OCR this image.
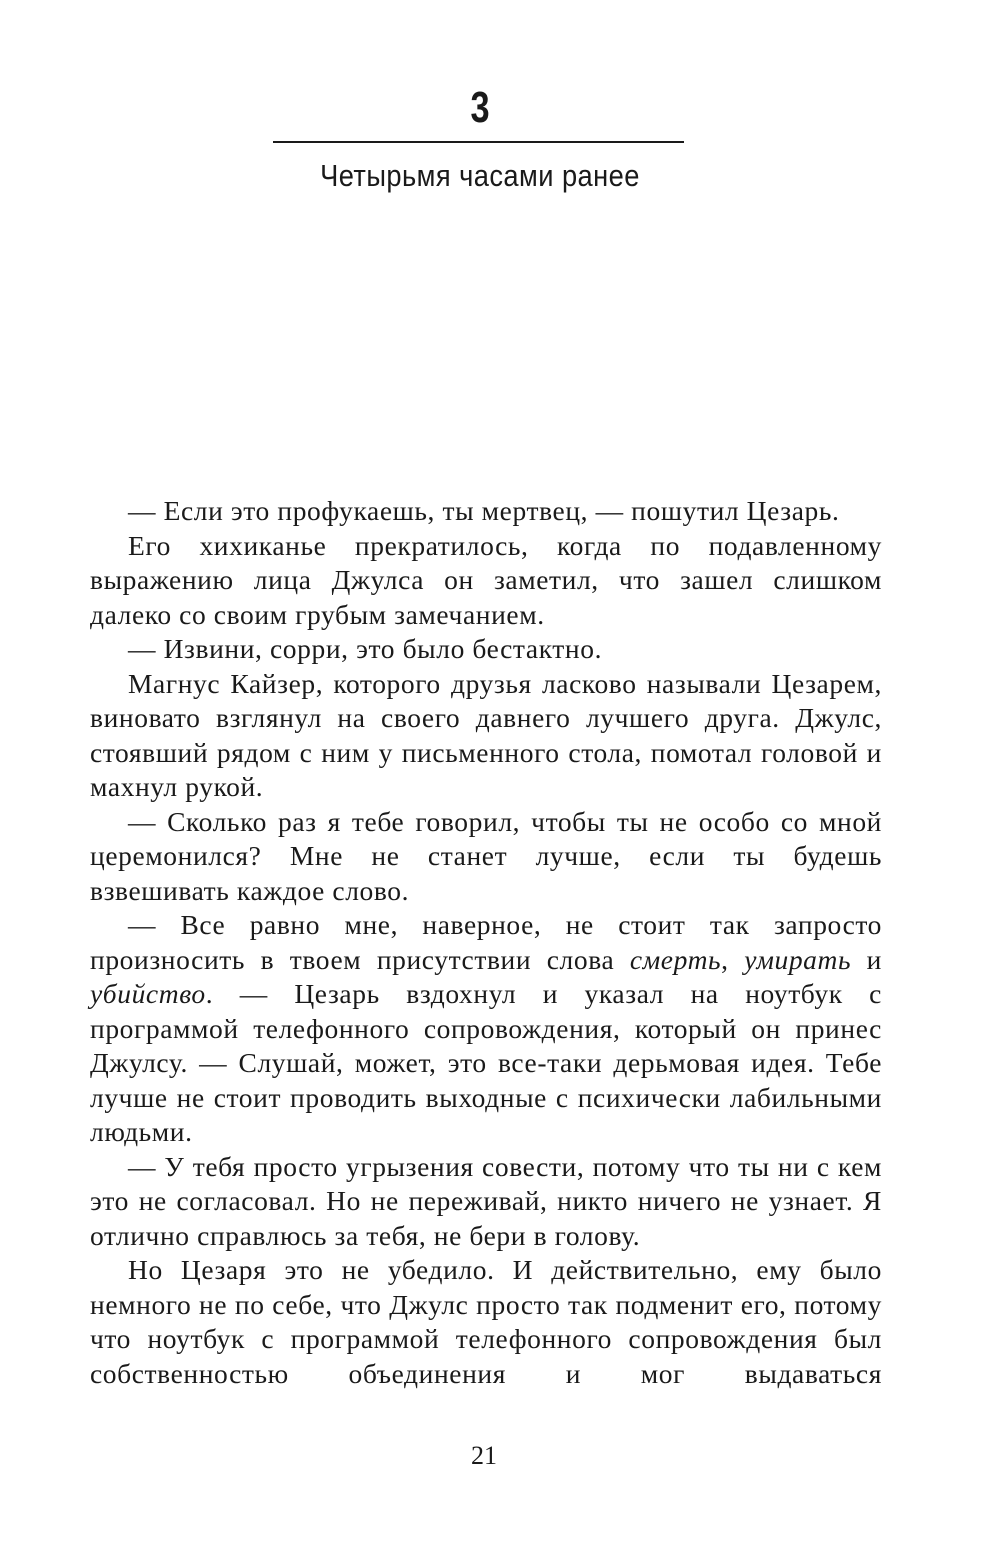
3
Четырьмя часами ранее

— Если это профукаешь, ты мертвец, — пошутил Цезарь.

Его хихиканье прекратилось, когда по подавленному выражению лица Джулса он заметил, что зашел слишком далеко со своим грубым замечанием.

— Извини, сорри, это было бестактно.

Магнус Кайзер, которого друзья ласково называли Цезарем, виновато взглянул на своего давнего лучшего друга. Джулс, стоявший рядом с ним у письменного стола, помотал головой и махнул рукой.

— Сколько раз я тебе говорил, чтобы ты не особо со мной церемонился? Мне не станет лучше, если ты будешь взвешивать каждое слово.

— Все равно мне, наверное, не стоит так запросто произносить в твоем присутствии слова смерть, умирать и убийство. — Цезарь вздохнул и указал на ноутбук с программой телефонного сопровождения, который он принес Джулсу. — Слушай, может, это все-таки дерьмовая идея. Тебе лучше не стоит проводить выходные с психически лабильными людьми.

— У тебя просто угрызения совести, потому что ты ни с кем это не согласовал. Но не переживай, никто ничего не узнает. Я отлично справлюсь за тебя, не бери в голову.

Но Цезаря это не убедило. И действительно, ему было немного не по себе, что Джулс просто так подменит его, потому что ноутбук с программой телефонного сопровождения был собственностью объединения и мог выдаваться

21
